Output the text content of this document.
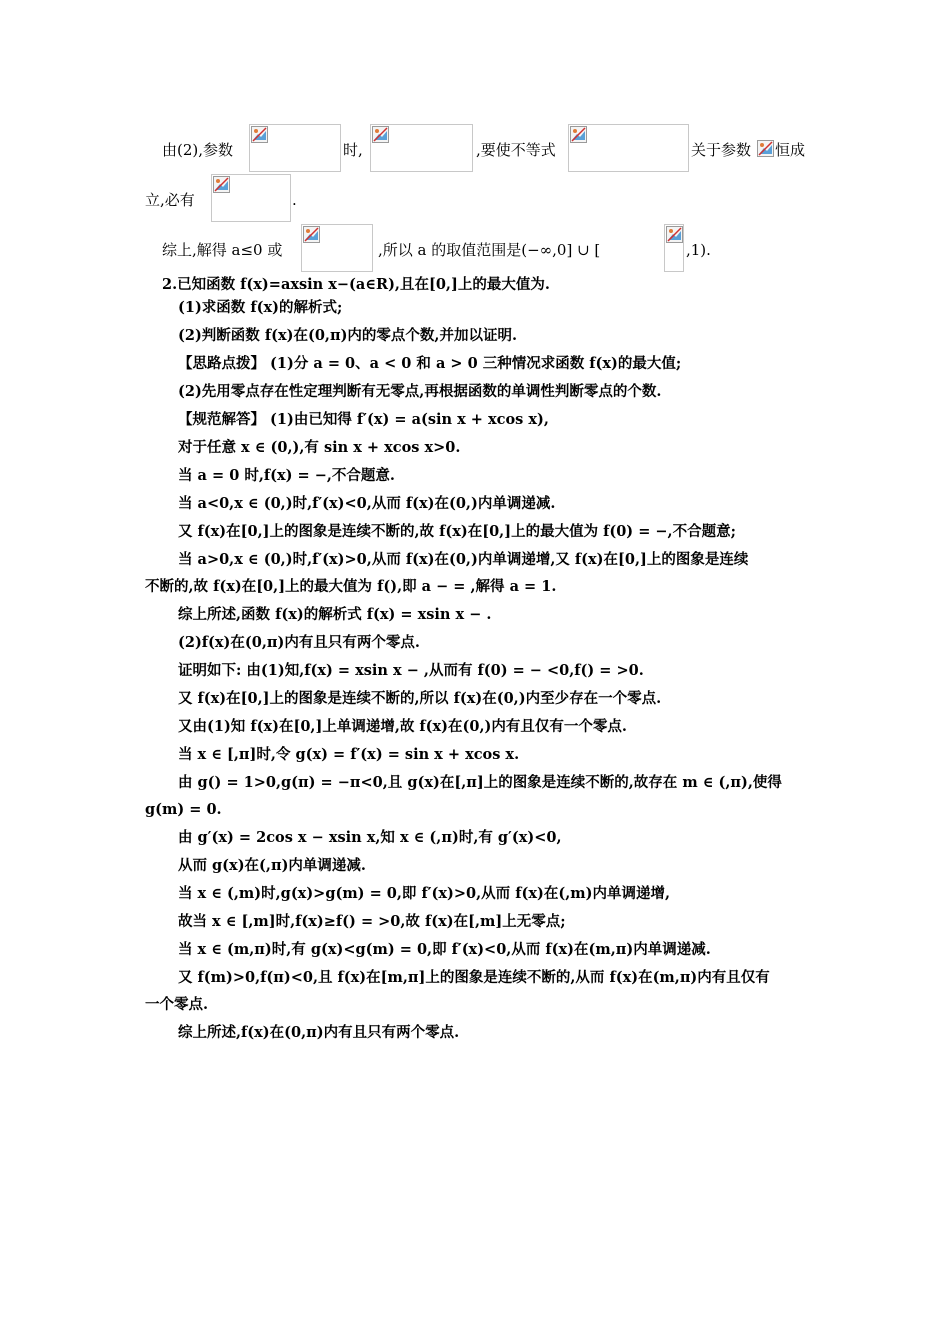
由(2),参数	时,	,要使不等式	关于参数 恒成
立,必有	.
综上,解得 a≤0 或	,所以 a 的取值范围是(−∞,0] ∪ [	,1).
2.已知函数 f(x)=axsin x−(a∈R),且在[0,]上的最大值为.
(1)求函数 f(x)的解析式;
(2)判断函数 f(x)在(0,π)内的零点个数,并加以证明.
【思路点拨】 (1)分 a = 0、a < 0 和 a > 0 三种情况求函数 f(x)的最大值;
(2)先用零点存在性定理判断有无零点,再根据函数的单调性判断零点的个数.
【规范解答】 (1)由已知得 f′(x) = a(sin x + xcos x),
对于任意 x ∈ (0,),有 sin x + xcos x>0.
当 a = 0 时,f(x) = −,不合题意.
当 a<0,x ∈ (0,)时,f′(x)<0,从而 f(x)在(0,)内单调递减.
又 f(x)在[0,]上的图象是连续不断的,故 f(x)在[0,]上的最大值为 f(0) = −,不合题意;
当 a>0,x ∈ (0,)时,f′(x)>0,从而 f(x)在(0,)内单调递增,又 f(x)在[0,]上的图象是连续
不断的,故 f(x)在[0,]上的最大值为 f(),即 a − = ,解得 a = 1.
综上所述,函数 f(x)的解析式 f(x) = xsin x − .
(2)f(x)在(0,π)内有且只有两个零点.
证明如下: 由(1)知,f(x) = xsin x − ,从而有 f(0) = − <0,f() = >0.
又 f(x)在[0,]上的图象是连续不断的,所以 f(x)在(0,)内至少存在一个零点.
又由(1)知 f(x)在[0,]上单调递增,故 f(x)在(0,)内有且仅有一个零点.
当 x ∈ [,π]时,令 g(x) = f′(x) = sin x + xcos x.
由 g() = 1>0,g(π) = −π<0,且 g(x)在[,π]上的图象是连续不断的,故存在 m ∈ (,π),使得
g(m) = 0.
由 g′(x) = 2cos x − xsin x,知 x ∈ (,π)时,有 g′(x)<0,
从而 g(x)在(,π)内单调递减.
当 x ∈ (,m)时,g(x)>g(m) = 0,即 f′(x)>0,从而 f(x)在(,m)内单调递增,
故当 x ∈ [,m]时,f(x)≥f() = >0,故 f(x)在[,m]上无零点;
当 x ∈ (m,π)时,有 g(x)<g(m) = 0,即 f′(x)<0,从而 f(x)在(m,π)内单调递减.
又 f(m)>0,f(π)<0,且 f(x)在[m,π]上的图象是连续不断的,从而 f(x)在(m,π)内有且仅有
一个零点.
综上所述,f(x)在(0,π)内有且只有两个零点.
